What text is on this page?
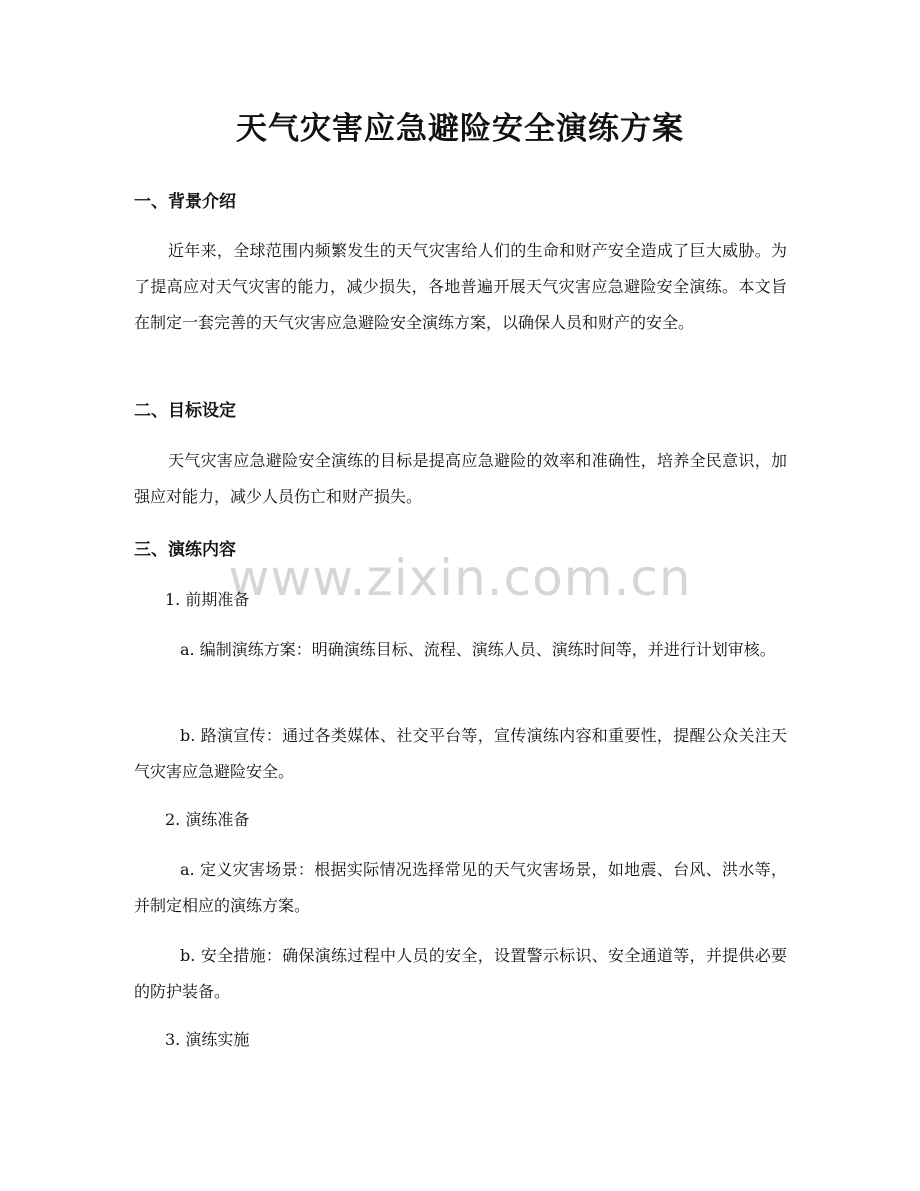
天气灾害应急避险安全演练方案
一、背景介绍
近年来，全球范围内频繁发生的天气灾害给人们的生命和财产安全造成了巨大威胁。为了提高应对天气灾害的能力，减少损失，各地普遍开展天气灾害应急避险安全演练。本文旨在制定一套完善的天气灾害应急避险安全演练方案，以确保人员和财产的安全。
二、目标设定
天气灾害应急避险安全演练的目标是提高应急避险的效率和准确性，培养全民意识，加强应对能力，减少人员伤亡和财产损失。
三、演练内容
1. 前期准备
a. 编制演练方案：明确演练目标、流程、演练人员、演练时间等，并进行计划审核。
b. 路演宣传：通过各类媒体、社交平台等，宣传演练内容和重要性，提醒公众关注天气灾害应急避险安全。
2. 演练准备
a. 定义灾害场景：根据实际情况选择常见的天气灾害场景，如地震、台风、洪水等，并制定相应的演练方案。
b. 安全措施：确保演练过程中人员的安全，设置警示标识、安全通道等，并提供必要的防护装备。
3. 演练实施
www.zixin.com.cn
